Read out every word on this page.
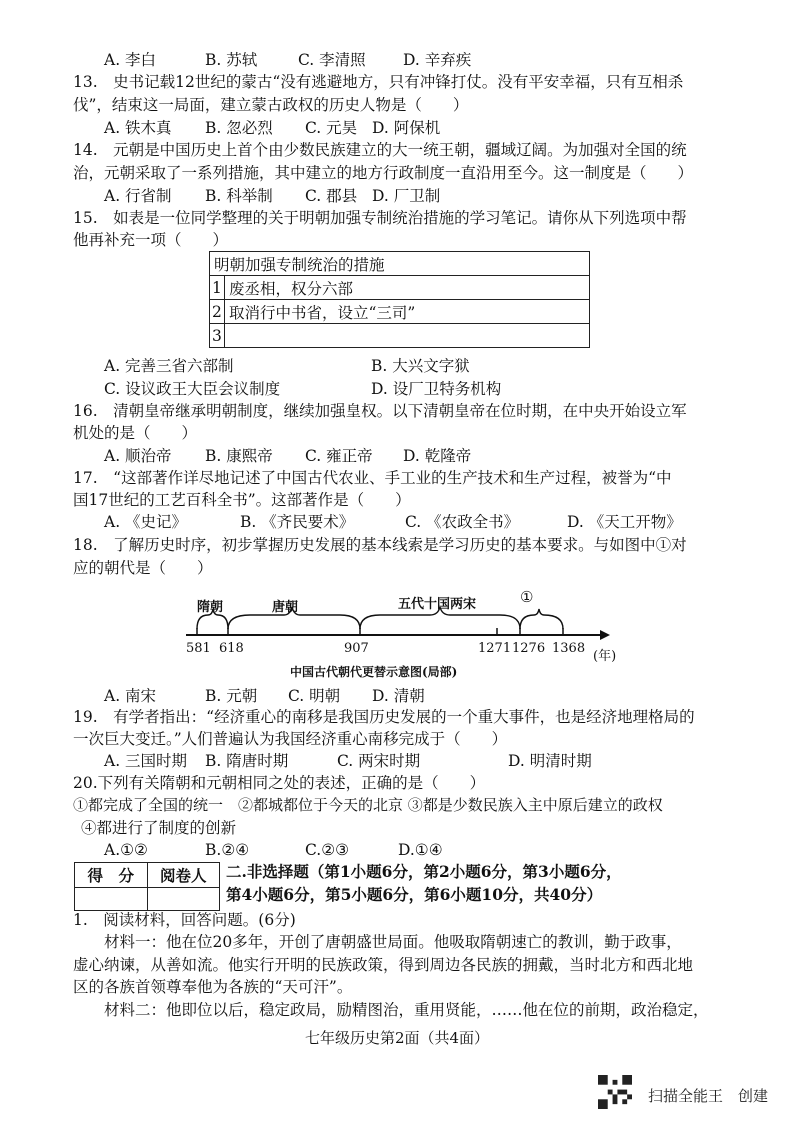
A. 李白	B. 苏轼	C. 李清照 D. 辛弃疾
13.　史书记载12世纪的蒙古“没有逃避地方，只有冲锋打仗。没有平安幸福，只有互相杀
伐”，结束这一局面，建立蒙古政权的历史人物是（　　）
A. 铁木真 B. 忽必烈 C. 元昊 D. 阿保机
14.　元朝是中国历史上首个由少数民族建立的大一统王朝，疆域辽阔。为加强对全国的统
治，元朝采取了一系列措施，其中建立的地方行政制度一直沿用至今。这一制度是（　　）
A. 行省制 B. 科举制 C. 郡县 D. 厂卫制
15.　如表是一位同学整理的关于明朝加强专制统治措施的学习笔记。请你从下列选项中帮
他再补充一项（　　）
明朝加强专制统治的措施	
1	废丞相，权分六部
2	取消行中书省，设立“三司”
3	
A. 完善三省六部制	B. 大兴文字狱
C. 设议政王大臣会议制度	D. 设厂卫特务机构
16.　清朝皇帝继承明朝制度，继续加强皇权。以下清朝皇帝在位时期，在中央开始设立军
机处的是（　　）
A. 顺治帝 B. 康熙帝 C. 雍正帝 D. 乾隆帝
17.　“这部著作详尽地记述了中国古代农业、手工业的生产技术和生产过程，被誉为“中
国17世纪的工艺百科全书”。这部著作是（　　）
A. 《史记》	B. 《齐民要术》	C. 《农政全书》	D. 《天工开物》
18.　了解历史时序，初步掌握历史发展的基本线索是学习历史的基本要求。与如图中①对
应的朝代是（　　）
隋朝	唐朝	五代十国两宋	①
581 618	907	1271 1276 1368
(年)
中国古代朝代更替示意图(局部)
A. 南宋	B. 元朝 C. 明朝 D. 清朝
19.　有学者指出：“经济重心的南移是我国历史发展的一个重大事件，也是经济地理格局的
一次巨大变迁。”人们普遍认为我国经济重心南移完成于（　　）
A. 三国时期 B. 隋唐时期	C. 两宋时期	D. 明清时期
20.下列有关隋朝和元朝相同之处的表述，正确的是（　　）
①都完成了全国的统一　②都城都位于今天的北京 ③都是少数民族入主中原后建立的政权
④都进行了制度的创新
A.①②	B.②④	C.②③	D.①④
得　分	阅卷人
	二.非选择题（第1小题6分，第2小题6分，第3小题6分，
第4小题6分，第5小题6分，第6小题10分，共40分）
1.　阅读材料，回答问题。(6分)
材料一：他在位20多年，开创了唐朝盛世局面。他吸取隋朝速亡的教训，勤于政事，
虚心纳谏，从善如流。他实行开明的民族政策，得到周边各民族的拥戴，当时北方和西北地
区的各族首领尊奉他为各族的“天可汗”。
材料二：他即位以后，稳定政局，励精图治，重用贤能，……他在位的前期，政治稳定，
七年级历史第2面（共4面）
扫描全能王　创建
